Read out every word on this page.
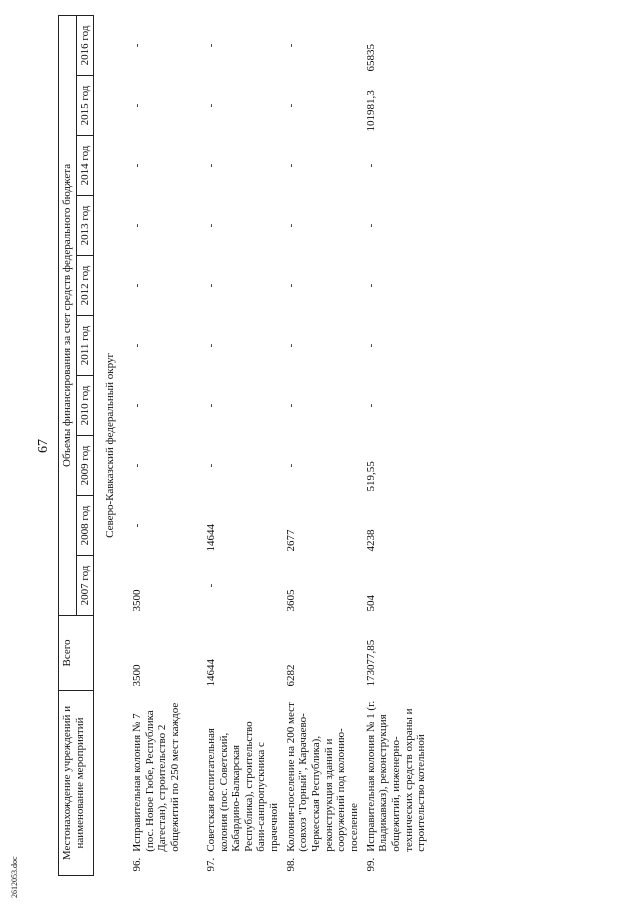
67
Местонахождение учреждений и наименование мероприятий	Всего	Объемы финансирования за счет средств федерального бюджета									
		2007 год	2008 год	2009 год	2010 год	2011 год	2012 год	2013 год	2014 год	2015 год	2016 год
Северо-Кавказский федеральный округ											

96.
Исправительная колония № 7 (пос. Новое Гюбе, Республика Дагестан), строительство 2 общежитий по 250 мест каждое	3500	3500	-	-	-	-	-	-	-	-	-

97.
Советская воспитательная колония (пос. Советский, Кабардино-Балкарская Республика), строительство бани-санпропускника с прачечной	14644	-	14644	-	-	-	-	-	-	-	-

98.
Колония-поселение на 200 мест (совхоз "Горный", Карачаево-Черкесская Республика), реконструкция зданий и сооружений под колонию-поселение	6282	3605	2677	-	-	-	-	-	-	-	-

99.
Исправительная колония № 1 (г. Владикавказ), реконструкция общежитий, инженерно-технических средств охраны и строительство котельной	173077,85	504	4238	519,55	-	-	-	-	-	101981,3	65835
2612053.doc
